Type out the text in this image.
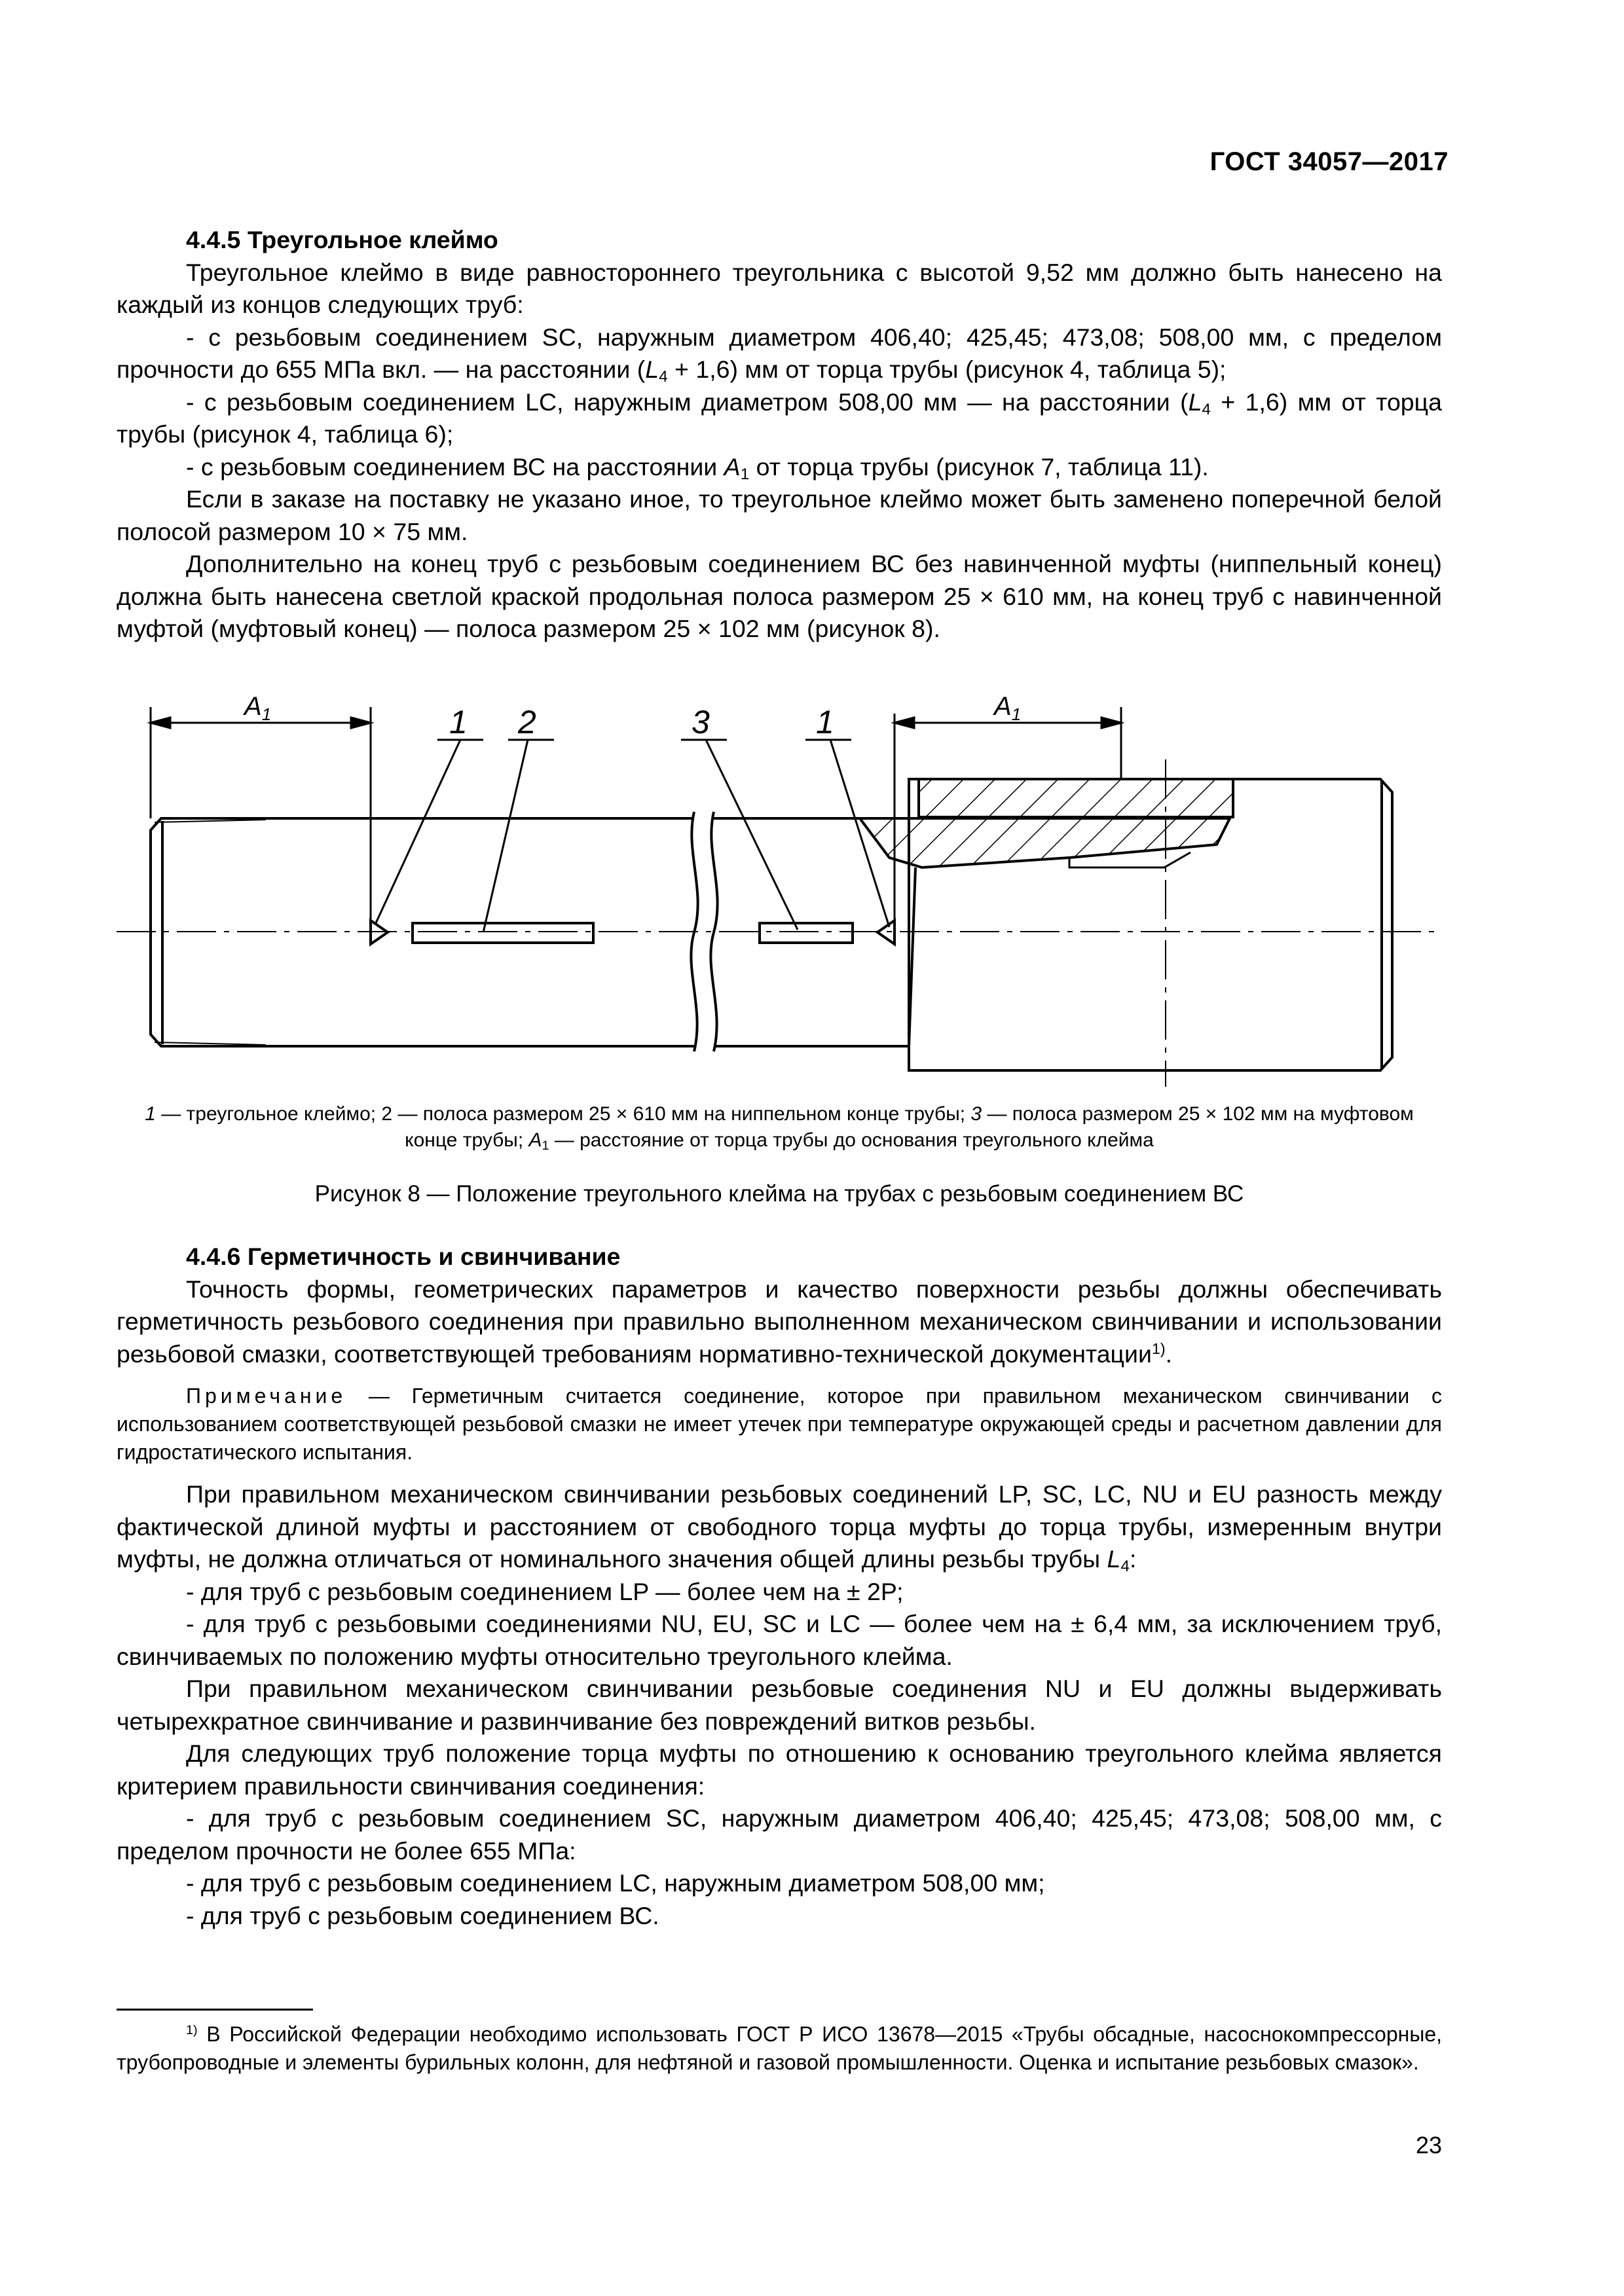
ГОСТ 34057—2017

4.4.5 Треугольное клеймо

Треугольное клеймо в виде равностороннего треугольника с высотой 9,52 мм должно быть нанесено на каждый из концов следующих труб:

- с резьбовым соединением SC, наружным диаметром 406,40; 425,45; 473,08; 508,00 мм, с пределом прочности до 655 МПа вкл. — на расстоянии $(L_4 + 1,6)$ мм от торца трубы (рисунок 4, таблица 5);

- с резьбовым соединением LC, наружным диаметром 508,00 мм — на расстоянии $(L_4 + 1,6)$ мм от торца трубы (рисунок 4, таблица 6);

- с резьбовым соединением ВС на расстоянии $A_1$ от торца трубы (рисунок 7, таблица 11).

Если в заказе на поставку не указано иное, то треугольное клеймо может быть заменено поперечной белой полосой размером 10 × 75 мм.

Дополнительно на конец труб с резьбовым соединением ВС без навинченной муфты (ниппельный конец) должна быть нанесена светлой краской продольная полоса размером 25 × 610 мм, на конец труб с навинченной муфтой (муфтовый конец) — полоса размером 25 × 102 мм (рисунок 8).

$A_1$	$A_1$
1 2	3	1
1 — треугольное клеймо; 2 — полоса размером 25 × 610 мм на ниппельном конце трубы; 3 — полоса размером 25 × 102 мм на муфтовом конце трубы; $A_1$ — расстояние от торца трубы до основания треугольного клейма
Рисунок 8 — Положение треугольного клейма на трубах с резьбовым соединением ВС

4.4.6 Герметичность и свинчивание

Точность формы, геометрических параметров и качество поверхности резьбы должны обеспечивать герметичность резьбового соединения при правильно выполненном механическом свинчивании и использовании резьбовой смазки, соответствующей требованиям нормативно-технической документации$^{1)}$.

Примечание — Герметичным считается соединение, которое при правильном механическом свинчивании с использованием соответствующей резьбовой смазки не имеет утечек при температуре окружающей среды и расчетном давлении для гидростатического испытания.

При правильном механическом свинчивании резьбовых соединений LP, SC, LC, NU и EU разность между фактической длиной муфты и расстоянием от свободного торца муфты до торца трубы, измеренным внутри муфты, не должна отличаться от номинального значения общей длины резьбы трубы $L_4$:

- для труб с резьбовым соединением LP — более чем на ± 2Р;

- для труб с резьбовыми соединениями NU, EU, SC и LC — более чем на ± 6,4 мм, за исключением труб, свинчиваемых по положению муфты относительно треугольного клейма.

При правильном механическом свинчивании резьбовые соединения NU и EU должны выдерживать четырехкратное свинчивание и развинчивание без повреждений витков резьбы.

Для следующих труб положение торца муфты по отношению к основанию треугольного клейма является критерием правильности свинчивания соединения:

- для труб с резьбовым соединением SC, наружным диаметром 406,40; 425,45; 473,08; 508,00 мм, с пределом прочности не более 655 МПа:

- для труб с резьбовым соединением LC, наружным диаметром 508,00 мм;

- для труб с резьбовым соединением ВС.

$^{1)}$ В Российской Федерации необходимо использовать ГОСТ Р ИСО 13678—2015 «Трубы обсадные, насоснокомпрессорные, трубопроводные и элементы бурильных колонн, для нефтяной и газовой промышленности. Оценка и испытание резьбовых смазок».

23
